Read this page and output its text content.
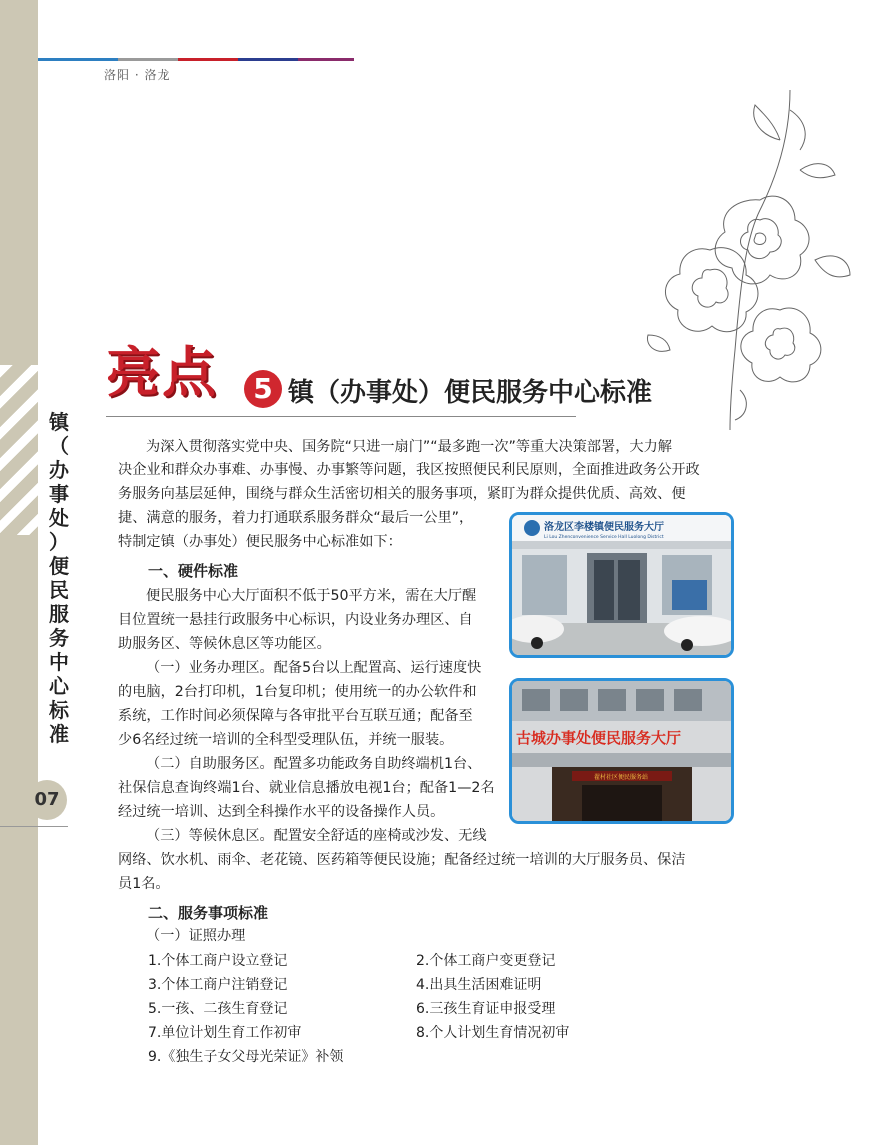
洛阳 · 洛龙
镇
（
办
事
处
）
便
民
服
务
中
心
标
准
07
亮点	5 镇（办事处）便民服务中心标准
为深入贯彻落实党中央、国务院“只进一扇门”“最多跑一次”等重大决策部署，大力解
决企业和群众办事难、办事慢、办事繁等问题，我区按照便民利民原则，全面推进政务公开政
务服务向基层延伸，围绕与群众生活密切相关的服务事项，紧盯为群众提供优质、高效、便
捷、满意的服务，着力打通联系服务群众“最后一公里”，
特制定镇（办事处）便民服务中心标准如下：
一、硬件标准
便民服务中心大厅面积不低于50平方米，需在大厅醒
目位置统一悬挂行政服务中心标识，内设业务办理区、自
助服务区、等候休息区等功能区。
（一）业务办理区。配备5台以上配置高、运行速度快
的电脑，2台打印机，1台复印机；使用统一的办公软件和
系统，工作时间必须保障与各审批平台互联互通；配备至
少6名经过统一培训的全科型受理队伍，并统一服装。
（二）自助服务区。配置多功能政务自助终端机1台、
社保信息查询终端1台、就业信息播放电视1台；配备1—2名
经过统一培训、达到全科操作水平的设备操作人员。
（三）等候休息区。配置安全舒适的座椅或沙发、无线
网络、饮水机、雨伞、老花镜、医药箱等便民设施；配备经过统一培训的大厅服务员、保洁
员1名。
洛龙区李楼镇便民服务大厅
Li Lou Zhenconvenience Service Hall Luolong District
古城办事处便民服务大厅
翟村社区便民服务站
二、服务事项标准
（一）证照办理
1.个体工商户设立登记	2.个体工商户变更登记
3.个体工商户注销登记	4.出具生活困难证明
5.一孩、二孩生育登记	6.三孩生育证申报受理
7.单位计划生育工作初审	8.个人计划生育情况初审
9.《独生子女父母光荣证》补领
